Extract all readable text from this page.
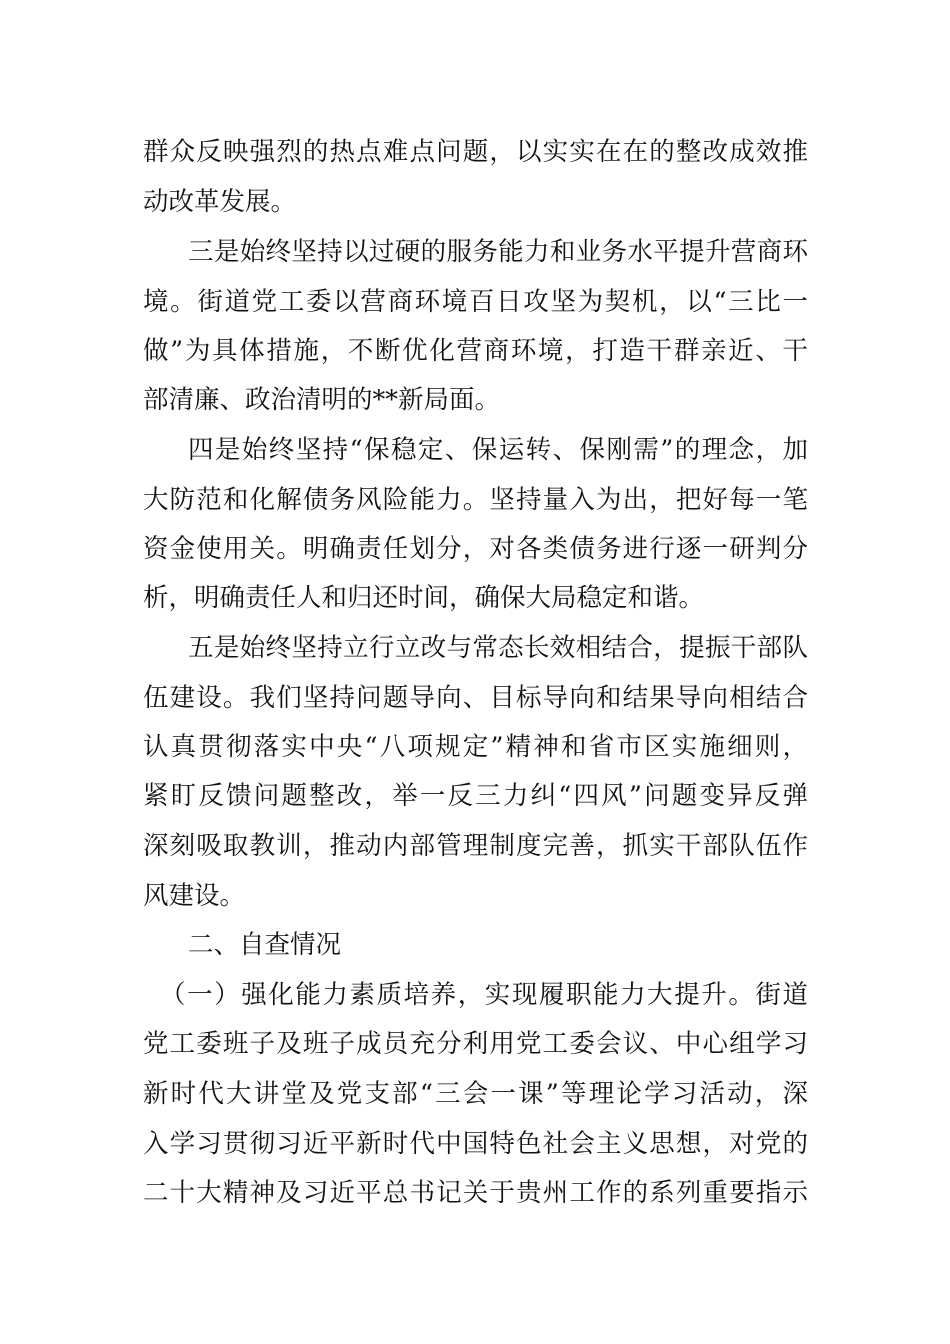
群众反映强烈的热点难点问题，以实实在在的整改成效推
动改革发展。
三是始终坚持以过硬的服务能力和业务水平提升营商环
境。街道党工委以营商环境百日攻坚为契机，以“三比一
做”为具体措施，不断优化营商环境，打造干群亲近、干
部清廉、政治清明的**新局面。
四是始终坚持“保稳定、保运转、保刚需”的理念，加
大防范和化解债务风险能力。坚持量入为出，把好每一笔
资金使用关。明确责任划分，对各类债务进行逐一研判分
析，明确责任人和归还时间，确保大局稳定和谐。
五是始终坚持立行立改与常态长效相结合，提振干部队
伍建设。我们坚持问题导向、目标导向和结果导向相结合
认真贯彻落实中央“八项规定”精神和省市区实施细则，
紧盯反馈问题整改，举一反三力纠“四风”问题变异反弹
深刻吸取教训，推动内部管理制度完善，抓实干部队伍作
风建设。
二、自查情况
（一）强化能力素质培养，实现履职能力大提升。街道
党工委班子及班子成员充分利用党工委会议、中心组学习
新时代大讲堂及党支部“三会一课”等理论学习活动，深
入学习贯彻习近平新时代中国特色社会主义思想，对党的
二十大精神及习近平总书记关于贵州工作的系列重要指示
